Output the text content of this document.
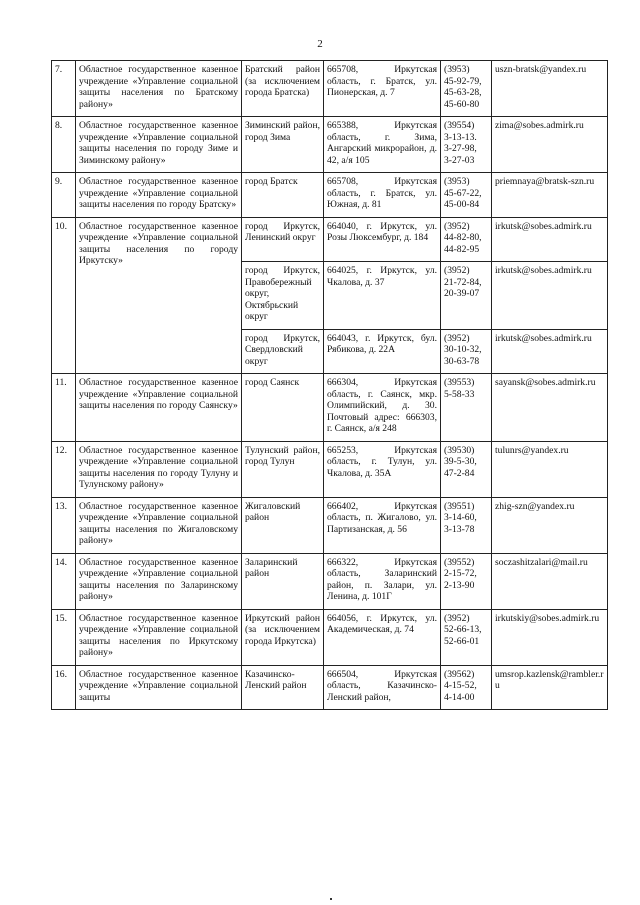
2
7.	Областное государственное казенное учреждение «Управление социальной защиты населения по Братскому району»	Братский район (за исключением города Братска)	665708, Иркутская область, г. Братск, ул. Пионерская, д. 7	(3953)
45-92-79,
45-63-28,
45-60-80	uszn-bratsk@yandex.ru
8.	Областное государственное казенное учреждение «Управление социальной защиты населения по городу Зиме и Зиминскому району»	Зиминский район, город Зима	665388, Иркутская область, г. Зима, Ангарский микрорайон, д. 42, а/я 105	(39554)
3-13-13.
3-27-98,
3-27-03	zima@sobes.admirk.ru
9.	Областное государственное казенное учреждение «Управление социальной защиты населения по городу Братску»	город Братск	665708, Иркутская область, г. Братск, ул. Южная, д. 81	(3953)
45-67-22,
45-00-84	priemnaya@bratsk-szn.ru
10.	Областное государственное казенное учреждение «Управление социальной защиты населения по городу Иркутску»	город Иркутск, Ленинский округ	664040, г. Иркутск, ул. Розы Люксембург, д. 184	(3952)
44-82-80,
44-82-95	irkutsk@sobes.admirk.ru
		город Иркутск, Правобережный округ, Октябрьский округ	664025, г. Иркутск, ул. Чкалова, д. 37	(3952)
21-72-84,
20-39-07	irkutsk@sobes.admirk.ru
		город Иркутск, Свердловский округ	664043, г. Иркутск, бул. Рябикова, д. 22А	(3952)
30-10-32,
30-63-78	irkutsk@sobes.admirk.ru
11.	Областное государственное казенное учреждение «Управление социальной защиты населения по городу Саянску»	город Саянск	666304, Иркутская область, г. Саянск, мкр. Олимпийский, д. 30. Почтовый адрес: 666303, г. Саянск, а/я 248	(39553)
5-58-33	sayansk@sobes.admirk.ru
12.	Областное государственное казенное учреждение «Управление социальной защиты населения по городу Тулуну и Тулунскому району»	Тулунский район, город Тулун	665253, Иркутская область, г. Тулун, ул. Чкалова, д. 35А	(39530)
39-5-30,
47-2-84	tulunrs@yandex.ru
13.	Областное государственное казенное учреждение «Управление социальной защиты населения по Жигаловскому району»	Жигаловский район	666402, Иркутская область, п. Жигалово, ул. Партизанская, д. 56	(39551)
3-14-60,
3-13-78	zhig-szn@yandex.ru
14.	Областное государственное казенное учреждение «Управление социальной защиты населения по Заларинскому району»	Заларинский район	666322, Иркутская область, Заларинский район, п. Залари, ул. Ленина, д. 101Г	(39552)
2-15-72,
2-13-90	soczashitzalari@mail.ru
15.	Областное государственное казенное учреждение «Управление социальной защиты населения по Иркутскому району»	Иркутский район (за исключением города Иркутска)	664056, г. Иркутск, ул. Академическая, д. 74	(3952)
52-66-13,
52-66-01	irkutskiy@sobes.admirk.ru
16.	Областное государственное казенное учреждение «Управление социальной защиты	Казачинско-Ленский район	666504, Иркутская область, Казачинско-Ленский район,	(39562)
4-15-52,
4-14-00	umsrop.kazlensk@rambler.ru
